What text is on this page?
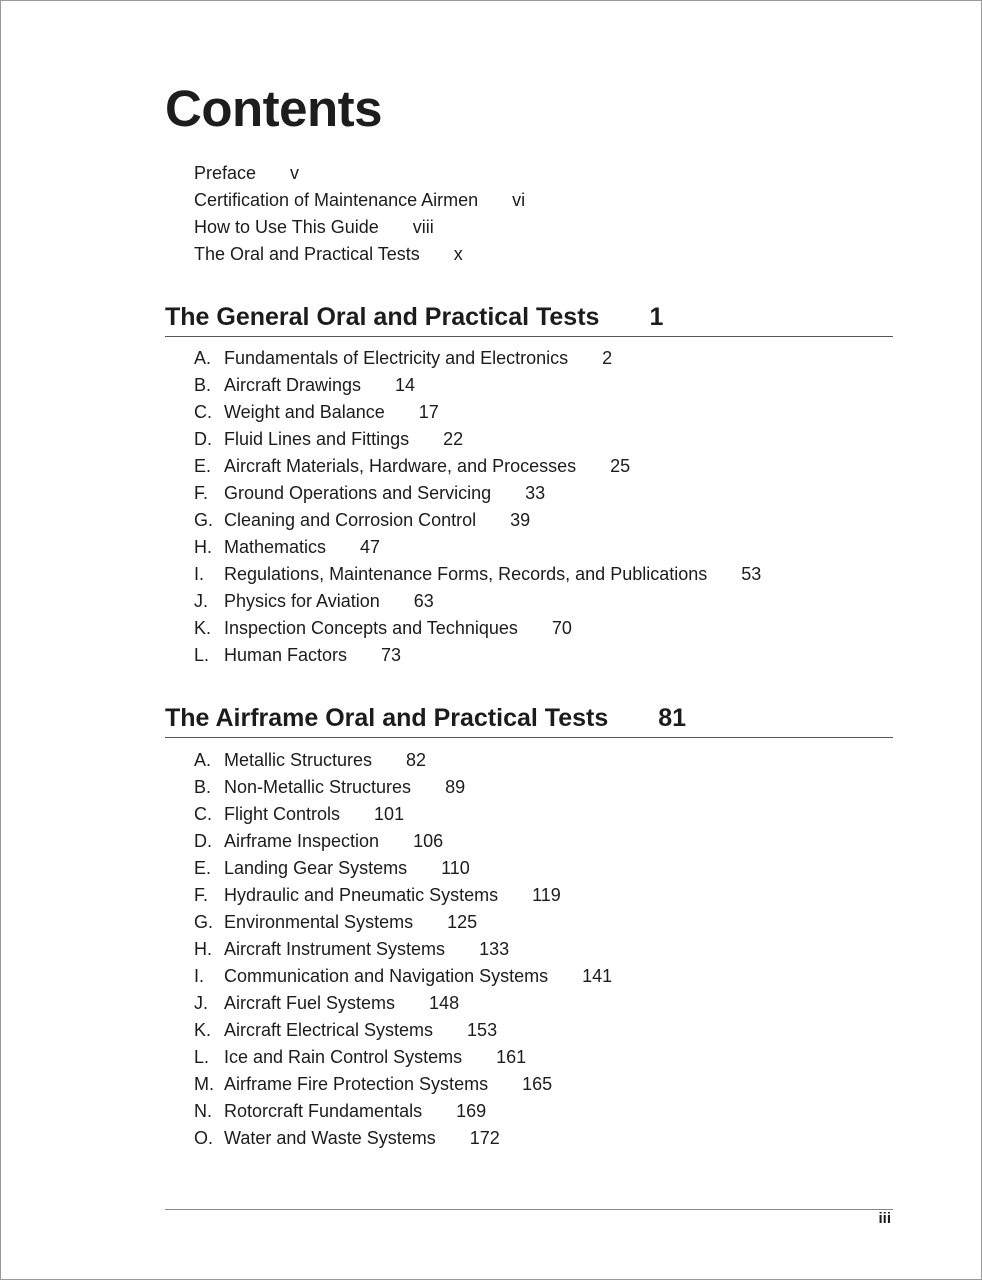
Contents
Preface v
Certification of Maintenance Airmen vi
How to Use This Guide viii
The Oral and Practical Tests x
The General Oral and Practical Tests 1
A. Fundamentals of Electricity and Electronics 2
B. Aircraft Drawings 14
C. Weight and Balance 17
D. Fluid Lines and Fittings 22
E. Aircraft Materials, Hardware, and Processes 25
F. Ground Operations and Servicing 33
G. Cleaning and Corrosion Control 39
H. Mathematics 47
I. Regulations, Maintenance Forms, Records, and Publications 53
J. Physics for Aviation 63
K. Inspection Concepts and Techniques 70
L. Human Factors 73
The Airframe Oral and Practical Tests 81
A. Metallic Structures 82
B. Non-Metallic Structures 89
C. Flight Controls 101
D. Airframe Inspection 106
E. Landing Gear Systems 110
F. Hydraulic and Pneumatic Systems 119
G. Environmental Systems 125
H. Aircraft Instrument Systems 133
I. Communication and Navigation Systems 141
J. Aircraft Fuel Systems 148
K. Aircraft Electrical Systems 153
L. Ice and Rain Control Systems 161
M. Airframe Fire Protection Systems 165
N. Rotorcraft Fundamentals 169
O. Water and Waste Systems 172
iii
